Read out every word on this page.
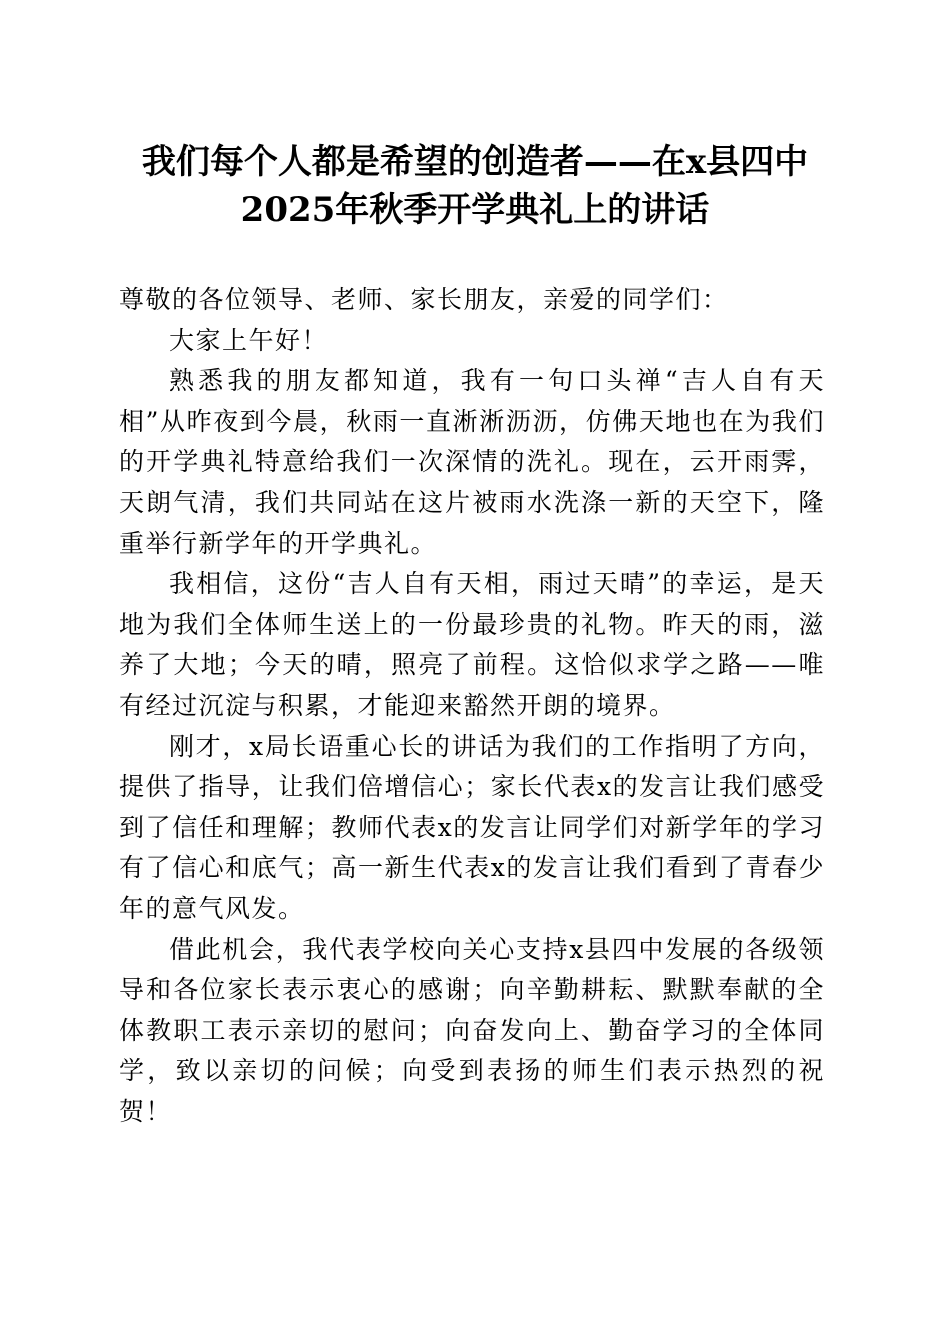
我们每个人都是希望的创造者——在x县四中
2025年秋季开学典礼上的讲话

尊敬的各位领导、老师、家长朋友，亲爱的同学们：

大家上午好！

熟悉我的朋友都知道，我有一句口头禅“吉人自有天相”从昨夜到今晨，秋雨一直淅淅沥沥，仿佛天地也在为我们的开学典礼特意给我们一次深情的洗礼。现在，云开雨霁，天朗气清，我们共同站在这片被雨水洗涤一新的天空下，隆重举行新学年的开学典礼。

我相信，这份“吉人自有天相，雨过天晴”的幸运，是天地为我们全体师生送上的一份最珍贵的礼物。昨天的雨，滋养了大地；今天的晴，照亮了前程。这恰似求学之路——唯有经过沉淀与积累，才能迎来豁然开朗的境界。

刚才，x局长语重心长的讲话为我们的工作指明了方向，提供了指导，让我们倍增信心；家长代表x的发言让我们感受到了信任和理解；教师代表x的发言让同学们对新学年的学习有了信心和底气；高一新生代表x的发言让我们看到了青春少年的意气风发。

借此机会，我代表学校向关心支持x县四中发展的各级领导和各位家长表示衷心的感谢；向辛勤耕耘、默默奉献的全体教职工表示亲切的慰问；向奋发向上、勤奋学习的全体同学，致以亲切的问候；向受到表扬的师生们表示热烈的祝贺！
